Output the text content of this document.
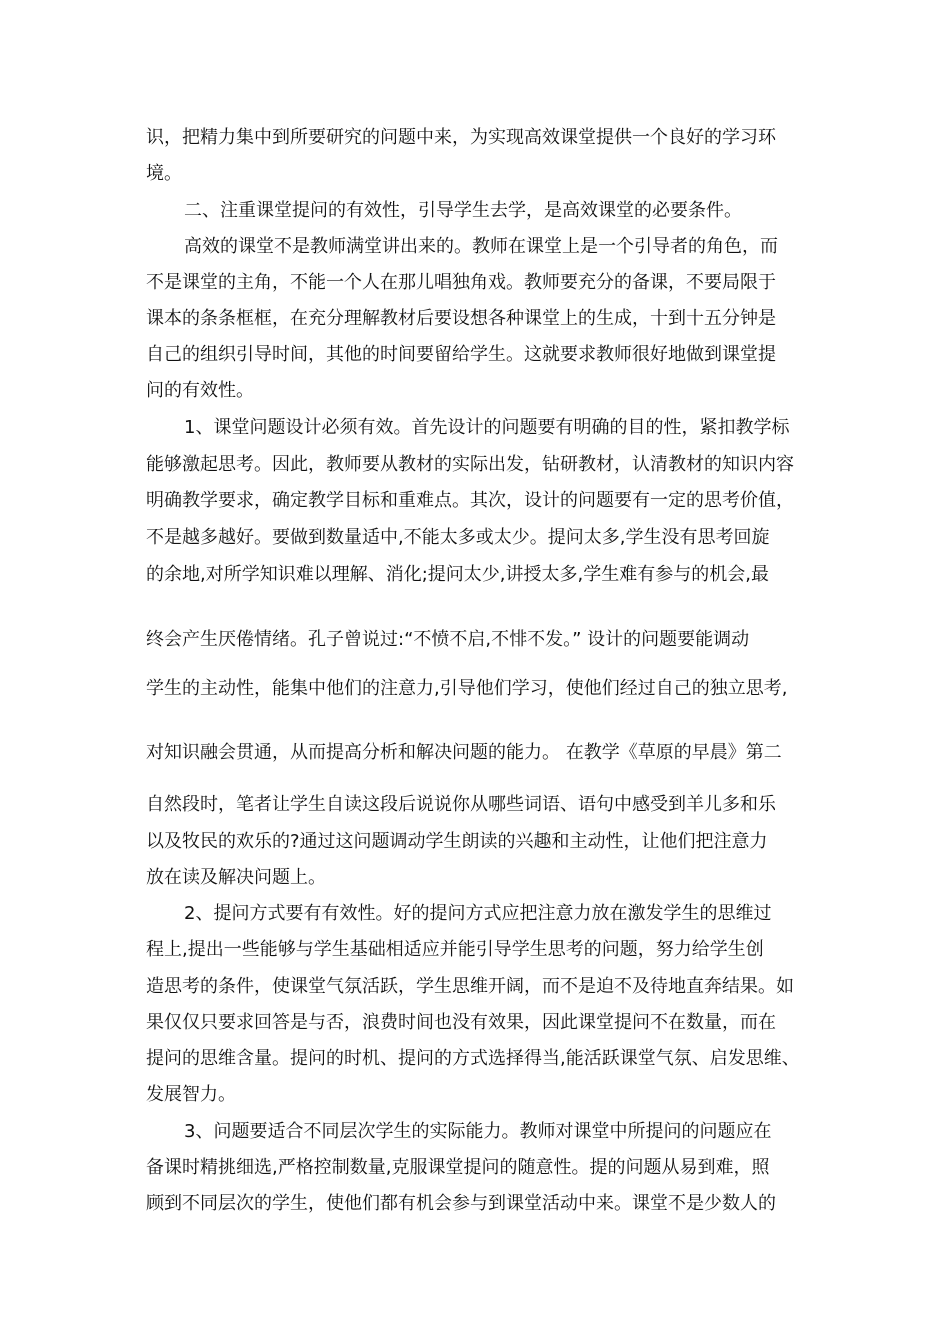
识，把精力集中到所要研究的问题中来，为实现高效课堂提供一个良好的学习环
境。
二、注重课堂提问的有效性，引导学生去学，是高效课堂的必要条件。
高效的课堂不是教师满堂讲出来的。教师在课堂上是一个引导者的角色，而
不是课堂的主角，不能一个人在那儿唱独角戏。教师要充分的备课，不要局限于
课本的条条框框，在充分理解教材后要设想各种课堂上的生成，十到十五分钟是
自己的组织引导时间，其他的时间要留给学生。这就要求教师很好地做到课堂提
问的有效性。
1、课堂问题设计必须有效。首先设计的问题要有明确的目的性，紧扣教学标
能够激起思考。因此，教师要从教材的实际出发，钻研教材，认清教材的知识内容
明确教学要求，确定教学目标和重难点。其次，设计的问题要有一定的思考价值，
不是越多越好。要做到数量适中,不能太多或太少。提问太多,学生没有思考回旋
的余地,对所学知识难以理解、消化;提问太少,讲授太多,学生难有参与的机会,最
终会产生厌倦情绪。孔子曾说过:“不愤不启,不悱不发。” 设计的问题要能调动
学生的主动性，能集中他们的注意力,引导他们学习，使他们经过自己的独立思考,
对知识融会贯通，从而提高分析和解决问题的能力。 在教学《草原的早晨》第二
自然段时，笔者让学生自读这段后说说你从哪些词语、语句中感受到羊儿多和乐
以及牧民的欢乐的?通过这问题调动学生朗读的兴趣和主动性，让他们把注意力
放在读及解决问题上。
2、提问方式要有有效性。好的提问方式应把注意力放在激发学生的思维过
程上,提出一些能够与学生基础相适应并能引导学生思考的问题，努力给学生创
造思考的条件，使课堂气氛活跃，学生思维开阔，而不是迫不及待地直奔结果。如
果仅仅只要求回答是与否，浪费时间也没有效果，因此课堂提问不在数量，而在
提问的思维含量。提问的时机、提问的方式选择得当,能活跃课堂气氛、启发思维、
发展智力。
3、问题要适合不同层次学生的实际能力。教师对课堂中所提问的问题应在
备课时精挑细选,严格控制数量,克服课堂提问的随意性。提的问题从易到难，照
顾到不同层次的学生，使他们都有机会参与到课堂活动中来。课堂不是少数人的
